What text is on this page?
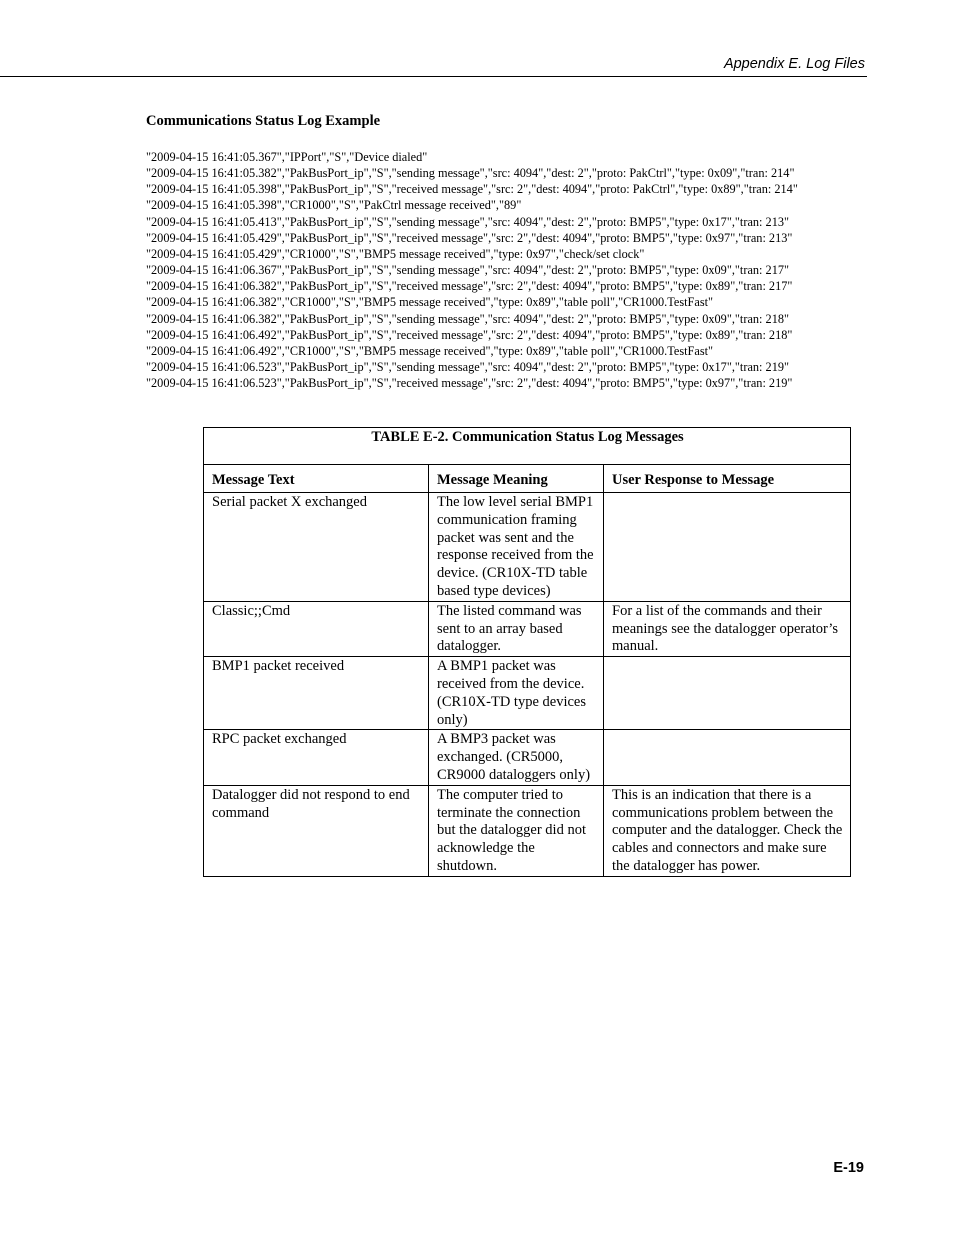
Appendix E. Log Files
Communications Status Log Example
"2009-04-15 16:41:05.367","IPPort","S","Device dialed"
"2009-04-15 16:41:05.382","PakBusPort_ip","S","sending message","src: 4094","dest: 2","proto: PakCtrl","type: 0x09","tran: 214"
"2009-04-15 16:41:05.398","PakBusPort_ip","S","received message","src: 2","dest: 4094","proto: PakCtrl","type: 0x89","tran: 214"
"2009-04-15 16:41:05.398","CR1000","S","PakCtrl message received","89"
"2009-04-15 16:41:05.413","PakBusPort_ip","S","sending message","src: 4094","dest: 2","proto: BMP5","type: 0x17","tran: 213"
"2009-04-15 16:41:05.429","PakBusPort_ip","S","received message","src: 2","dest: 4094","proto: BMP5","type: 0x97","tran: 213"
"2009-04-15 16:41:05.429","CR1000","S","BMP5 message received","type: 0x97","check/set clock"
"2009-04-15 16:41:06.367","PakBusPort_ip","S","sending message","src: 4094","dest: 2","proto: BMP5","type: 0x09","tran: 217"
"2009-04-15 16:41:06.382","PakBusPort_ip","S","received message","src: 2","dest: 4094","proto: BMP5","type: 0x89","tran: 217"
"2009-04-15 16:41:06.382","CR1000","S","BMP5 message received","type: 0x89","table poll","CR1000.TestFast"
"2009-04-15 16:41:06.382","PakBusPort_ip","S","sending message","src: 4094","dest: 2","proto: BMP5","type: 0x09","tran: 218"
"2009-04-15 16:41:06.492","PakBusPort_ip","S","received message","src: 2","dest: 4094","proto: BMP5","type: 0x89","tran: 218"
"2009-04-15 16:41:06.492","CR1000","S","BMP5 message received","type: 0x89","table poll","CR1000.TestFast"
"2009-04-15 16:41:06.523","PakBusPort_ip","S","sending message","src: 4094","dest: 2","proto: BMP5","type: 0x17","tran: 219"
"2009-04-15 16:41:06.523","PakBusPort_ip","S","received message","src: 2","dest: 4094","proto: BMP5","type: 0x97","tran: 219"
TABLE E-2. Communication Status Log Messages		
Message Text	Message Meaning	User Response to Message
Serial packet X exchanged	The low level serial BMP1 communication framing packet was sent and the response received from the device. (CR10X-TD table based type devices)	
Classic;;Cmd	The listed command was sent to an array based datalogger.	For a list of the commands and their meanings see the datalogger operator’s manual.
BMP1 packet received	A BMP1 packet was received from the device. (CR10X-TD type devices only)	
RPC packet exchanged	A BMP3 packet was exchanged. (CR5000, CR9000 dataloggers only)	
Datalogger did not respond to end command	The computer tried to terminate the connection but the datalogger did not acknowledge the shutdown.	This is an indication that there is a communications problem between the computer and the datalogger. Check the cables and connectors and make sure the datalogger has power.
E-19
